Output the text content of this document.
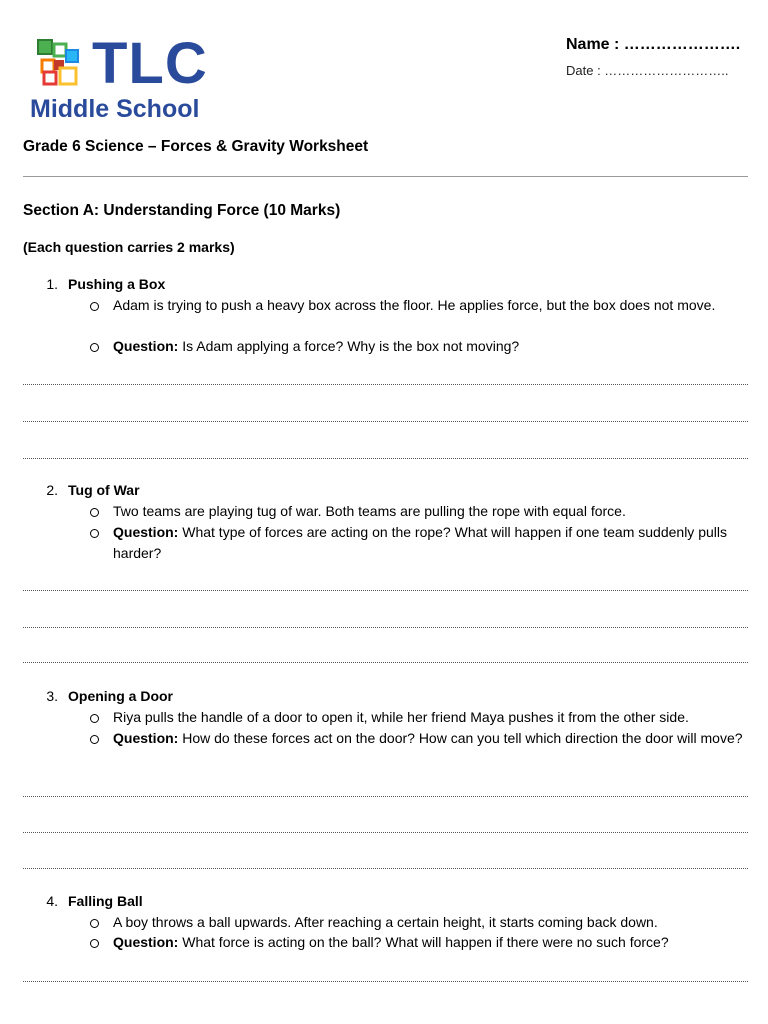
TLC
Middle School
Name : ………………….
Date : ………………………..
Grade 6 Science – Forces & Gravity Worksheet
Section A: Understanding Force (10 Marks)
(Each question carries 2 marks)
1. Pushing a Box
Adam is trying to push a heavy box across the floor. He applies force, but the box does not move.
Question: Is Adam applying a force? Why is the box not moving?
2. Tug of War
Two teams are playing tug of war. Both teams are pulling the rope with equal force.
Question: What type of forces are acting on the rope? What will happen if one team suddenly pulls harder?
3. Opening a Door
Riya pulls the handle of a door to open it, while her friend Maya pushes it from the other side.
Question: How do these forces act on the door? How can you tell which direction the door will move?
4. Falling Ball
A boy throws a ball upwards. After reaching a certain height, it starts coming back down.
Question: What force is acting on the ball? What will happen if there were no such force?
